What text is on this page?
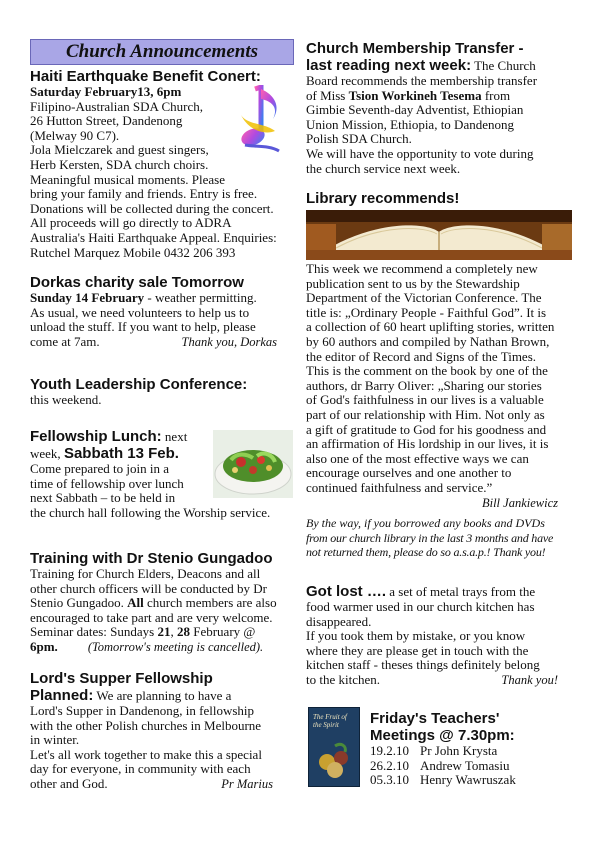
Church Announcements
Haiti Earthquake Benefit Conert:
Saturday February13, 6pm
Filipino-Australian SDA Church,
26 Hutton Street, Dandenong
(Melway 90 C7).
Jola Mielczarek and guest singers,
Herb Kersten, SDA church choirs.
Meaningful musical moments. Please
bring your family and friends. Entry is free.
Donations will be collected during the concert.
All proceeds will go directly to ADRA
Australia's Haiti Earthquake Appeal. Enquiries:
Rutchel Marquez Mobile 0432 206 393
Dorkas charity sale Tomorrow
Sunday 14 February - weather permitting.
As usual, we need volunteers to help us to
unload the stuff. If you want to help, please
come at 7am.	Thank you, Dorkas
Youth Leadership Conference:
this weekend.
Fellowship Lunch: next
week, Sabbath 13 Feb.
Come prepared to join in a
time of fellowship over lunch
next Sabbath – to be held in
the church hall following the Worship service.
Training with Dr Stenio Gungadoo
Training for Church Elders, Deacons and all
other church officers will be conducted by Dr
Stenio Gungadoo. All church members are also
encouraged to take part and are very welcome.
Seminar dates: Sundays 21, 28 February @
6pm. (Tomorrow's meeting is cancelled).
Lord's Supper Fellowship
Planned: We are planning to have a
Lord's Supper in Dandenong, in fellowship
with the other Polish churches in Melbourne
in winter.
Let's all work together to make this a special
day for everyone, in community with each
other and God.	Pr Marius
Church Membership Transfer -
last reading next week: The Church
Board recommends the membership transfer
of Miss Tsion Workineh Tesema from
Gimbie Seventh-day Adventist, Ethiopian
Union Mission, Ethiopia, to Dandenong
Polish SDA Church.
We will have the opportunity to vote during
the church service next week.
Library recommends!
This week we recommend a completely new
publication sent to us by the Stewardship
Department of the Victorian Conference. The
title is: „Ordinary People - Faithful God”. It is
a collection of 60 heart uplifting stories, written
by 60 authors and compiled by Nathan Brown,
the editor of Record and Signs of the Times.
This is the comment on the book by one of the
authors, dr Barry Oliver: „Sharing our stories
of God's faithfulness in our lives is a valuable
part of our relationship with Him. Not only as
a gift of gratitude to God for his goodness and
an affirmation of His lordship in our lives, it is
also one of the most effective ways we can
encourage ourselves and one another to
continued faithfulness and service.”
Bill Jankiewicz
By the way, if you borrowed any books and DVDs
from our church library in the last 3 months and have
not returned them, please do so a.s.a.p.! Thank you!
Got lost …. a set of metal trays from the
food warmer used in our church kitchen has
disappeared.
If you took them by mistake, or you know
where they are please get in touch with the
kitchen staff - theses things definitely belong
to the kitchen.	Thank you!
The Fruit of the Spirit	Friday's Teachers'
Meetings @ 7.30pm:
19.2.10 Pr John Krysta
26.2.10 Andrew Tomasiu
05.3.10 Henry Wawruszak
